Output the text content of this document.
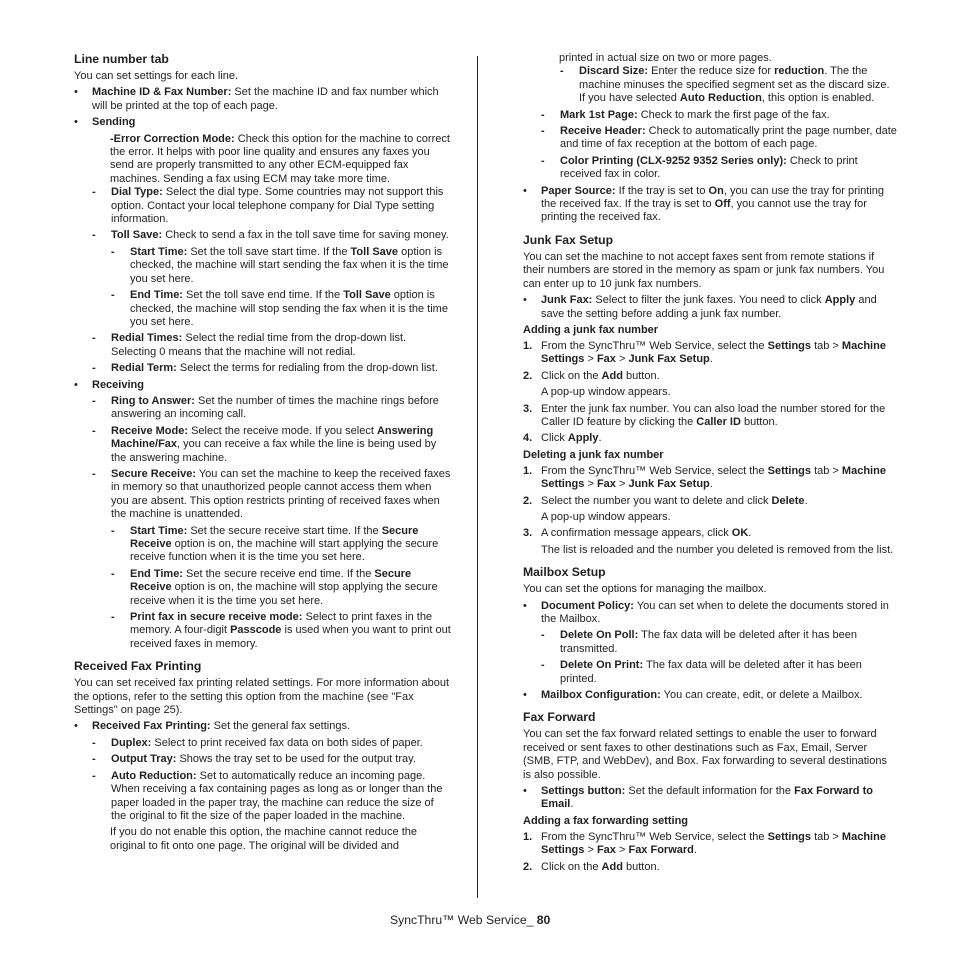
Line number tab

You can set settings for each line.

• Machine ID & Fax Number: Set the machine ID and fax number which will be printed at the top of each page.
• Sending
-Error Correction Mode: Check this option for the machine to correct the error. It helps with poor line quality and ensures any faxes you send are properly transmitted to any other ECM-equipped fax machines. Sending a fax using ECM may take more time.
- Dial Type: Select the dial type. Some countries may not support this option. Contact your local telephone company for Dial Type setting information.
- Toll Save: Check to send a fax in the toll save time for saving money.
- Start Time: Set the toll save start time. If the Toll Save option is checked, the machine will start sending the fax when it is the time you set here.
- End Time: Set the toll save end time. If the Toll Save option is checked, the machine will stop sending the fax when it is the time you set here.
- Redial Times: Select the redial time from the drop-down list. Selecting 0 means that the machine will not redial.
- Redial Term: Select the terms for redialing from the drop-down list.
• Receiving
- Ring to Answer: Set the number of times the machine rings before answering an incoming call.
- Receive Mode: Select the receive mode. If you select Answering Machine/Fax, you can receive a fax while the line is being used by the answering machine.
- Secure Receive: You can set the machine to keep the received faxes in memory so that unauthorized people cannot access them when you are absent. This option restricts printing of received faxes when the machine is unattended.
- Start Time: Set the secure receive start time. If the Secure Receive option is on, the machine will start applying the secure receive function when it is the time you set here.
- End Time: Set the secure receive end time. If the Secure Receive option is on, the machine will stop applying the secure receive when it is the time you set here.
- Print fax in secure receive mode: Select to print faxes in the memory. A four-digit Passcode is used when you want to print out received faxes in memory.
Received Fax Printing

You can set received fax printing related settings. For more information about the options, refer to the setting this option from the machine (see "Fax Settings" on page 25).

• Received Fax Printing: Set the general fax settings.
- Duplex: Select to print received fax data on both sides of paper.
- Output Tray: Shows the tray set to be used for the output tray.
- Auto Reduction: Set to automatically reduce an incoming page. When receiving a fax containing pages as long as or longer than the paper loaded in the paper tray, the machine can reduce the size of the original to fit the size of the paper loaded in the machine.
If you do not enable this option, the machine cannot reduce the original to fit onto one page. The original will be divided and
printed in actual size on two or more pages.
- Discard Size: Enter the reduce size for reduction. The the machine minuses the specified segment set as the discard size. If you have selected Auto Reduction, this option is enabled.
- Mark 1st Page: Check to mark the first page of the fax.
- Receive Header: Check to automatically print the page number, date and time of fax reception at the bottom of each page.
- Color Printing (CLX-9252 9352 Series only): Check to print received fax in color.
• Paper Source: If the tray is set to On, you can use the tray for printing the received fax. If the tray is set to Off, you cannot use the tray for printing the received fax.
Junk Fax Setup

You can set the machine to not accept faxes sent from remote stations if their numbers are stored in the memory as spam or junk fax numbers. You can enter up to 10 junk fax numbers.

• Junk Fax: Select to filter the junk faxes. You need to click Apply and save the setting before adding a junk fax number.
Adding a junk fax number
1. From the SyncThru™ Web Service, select the Settings tab > Machine Settings > Fax > Junk Fax Setup.
2. Click on the Add button.
A pop-up window appears.
3. Enter the junk fax number. You can also load the number stored for the Caller ID feature by clicking the Caller ID button.
4. Click Apply.
Deleting a junk fax number
1. From the SyncThru™ Web Service, select the Settings tab > Machine Settings > Fax > Junk Fax Setup.
2. Select the number you want to delete and click Delete.
A pop-up window appears.
3. A confirmation message appears, click OK.
The list is reloaded and the number you deleted is removed from the list.
Mailbox Setup

You can set the options for managing the mailbox.

• Document Policy: You can set when to delete the documents stored in the Mailbox.
- Delete On Poll: The fax data will be deleted after it has been transmitted.
- Delete On Print: The fax data will be deleted after it has been printed.
• Mailbox Configuration: You can create, edit, or delete a Mailbox.
Fax Forward

You can set the fax forward related settings to enable the user to forward received or sent faxes to other destinations such as Fax, Email, Server (SMB, FTP, and WebDev), and Box. Fax forwarding to several destinations is also possible.

• Settings button: Set the default information for the Fax Forward to Email.
Adding a fax forwarding setting
1. From the SyncThru™ Web Service, select the Settings tab > Machine Settings > Fax > Fax Forward.
2. Click on the Add button.
SyncThru™ Web Service_ 80
